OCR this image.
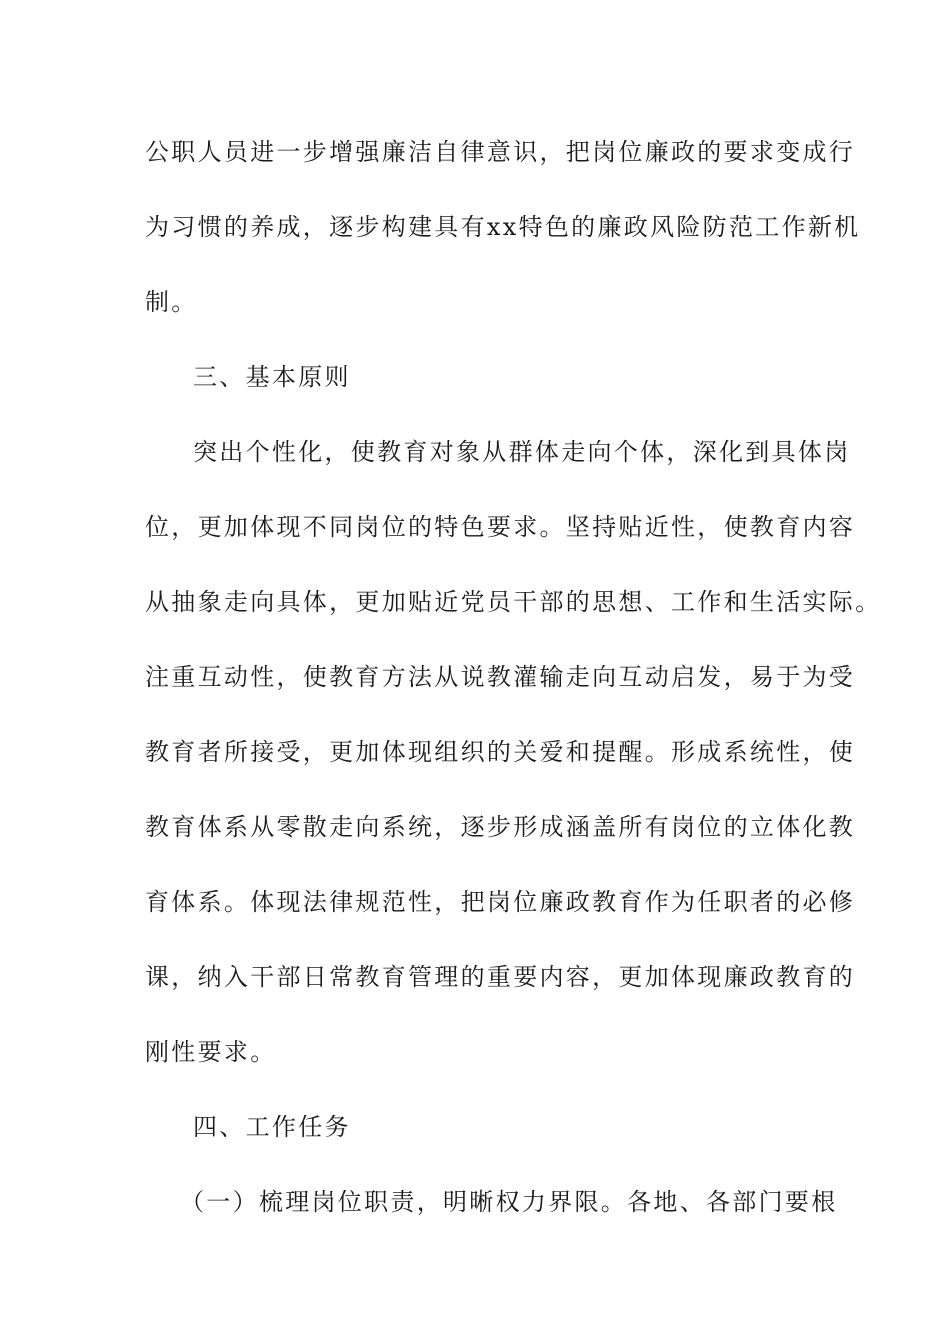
公职人员进一步增强廉洁自律意识，把岗位廉政的要求变成行
为习惯的养成，逐步构建具有xx特色的廉政风险防范工作新机
制。
三、基本原则
突出个性化，使教育对象从群体走向个体，深化到具体岗
位，更加体现不同岗位的特色要求。坚持贴近性，使教育内容
从抽象走向具体，更加贴近党员干部的思想、工作和生活实际。
注重互动性，使教育方法从说教灌输走向互动启发，易于为受
教育者所接受，更加体现组织的关爱和提醒。形成系统性，使
教育体系从零散走向系统，逐步形成涵盖所有岗位的立体化教
育体系。体现法律规范性，把岗位廉政教育作为任职者的必修
课，纳入干部日常教育管理的重要内容，更加体现廉政教育的
刚性要求。
四、工作任务
（一）梳理岗位职责，明晰权力界限。各地、各部门要根
